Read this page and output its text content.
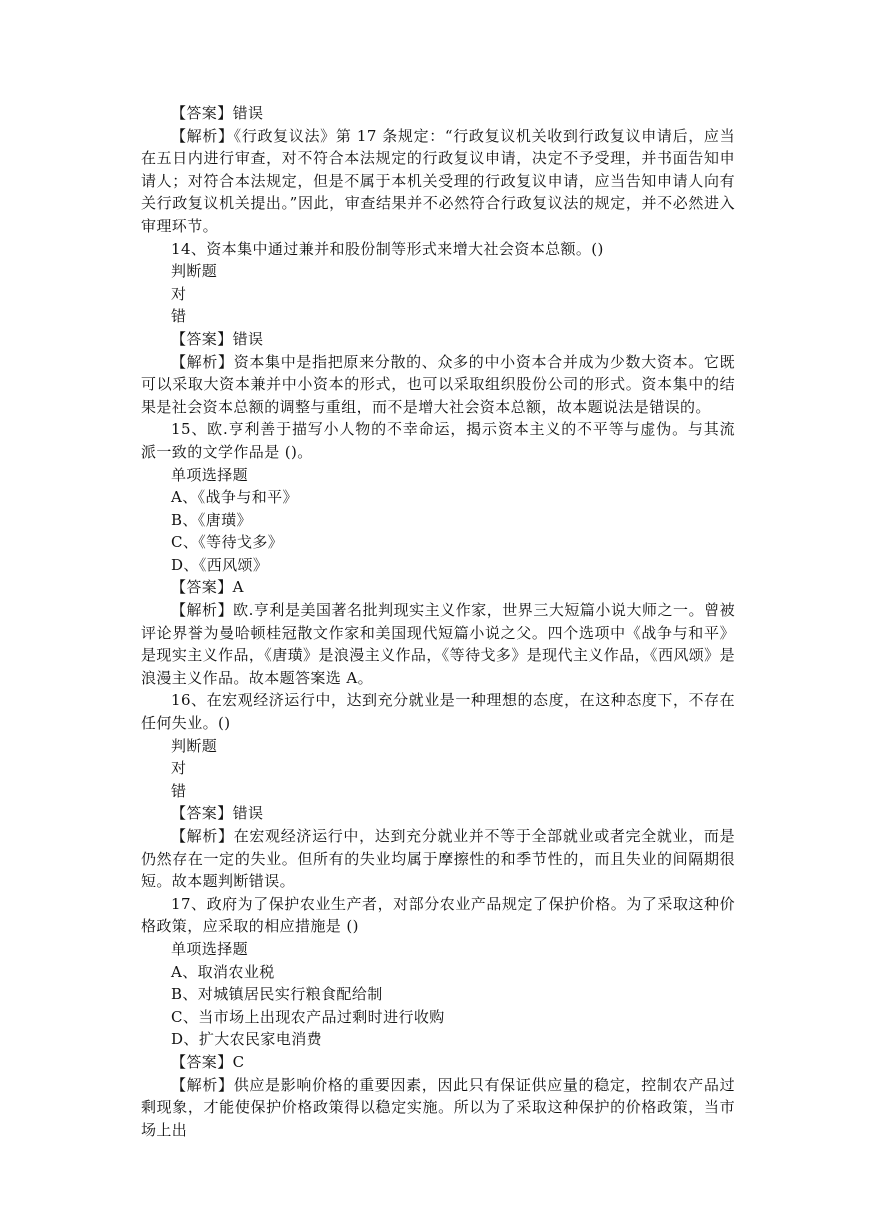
【答案】错误

【解析】《行政复议法》第 17 条规定：“行政复议机关收到行政复议申请后，应当在五日内进行审查，对不符合本法规定的行政复议申请，决定不予受理，并书面告知申请人；对符合本法规定，但是不属于本机关受理的行政复议申请，应当告知申请人向有关行政复议机关提出。”因此，审查结果并不必然符合行政复议法的规定，并不必然进入审理环节。

14、资本集中通过兼并和股份制等形式来增大社会资本总额。()

判断题

对

错

【答案】错误

【解析】资本集中是指把原来分散的、众多的中小资本合并成为少数大资本。它既可以采取大资本兼并中小资本的形式，也可以采取组织股份公司的形式。资本集中的结果是社会资本总额的调整与重组，而不是增大社会资本总额，故本题说法是错误的。

15、欧.亨利善于描写小人物的不幸命运，揭示资本主义的不平等与虚伪。与其流派一致的文学作品是 ()。

单项选择题

A、《战争与和平》

B、《唐璜》

C、《等待戈多》

D、《西风颂》

【答案】A

【解析】欧.亨利是美国著名批判现实主义作家，世界三大短篇小说大师之一。曾被评论界誉为曼哈顿桂冠散文作家和美国现代短篇小说之父。四个选项中《战争与和平》是现实主义作品，《唐璜》是浪漫主义作品，《等待戈多》是现代主义作品，《西风颂》是浪漫主义作品。故本题答案选 A。

16、在宏观经济运行中，达到充分就业是一种理想的态度，在这种态度下，不存在任何失业。()

判断题

对

错

【答案】错误

【解析】在宏观经济运行中，达到充分就业并不等于全部就业或者完全就业，而是仍然存在一定的失业。但所有的失业均属于摩擦性的和季节性的，而且失业的间隔期很短。故本题判断错误。

17、政府为了保护农业生产者，对部分农业产品规定了保护价格。为了采取这种价格政策，应采取的相应措施是 ()

单项选择题

A、取消农业税

B、对城镇居民实行粮食配给制

C、当市场上出现农产品过剩时进行收购

D、扩大农民家电消费

【答案】C

【解析】供应是影响价格的重要因素，因此只有保证供应量的稳定，控制农产品过剩现象，才能使保护价格政策得以稳定实施。所以为了采取这种保护的价格政策，当市场上出
